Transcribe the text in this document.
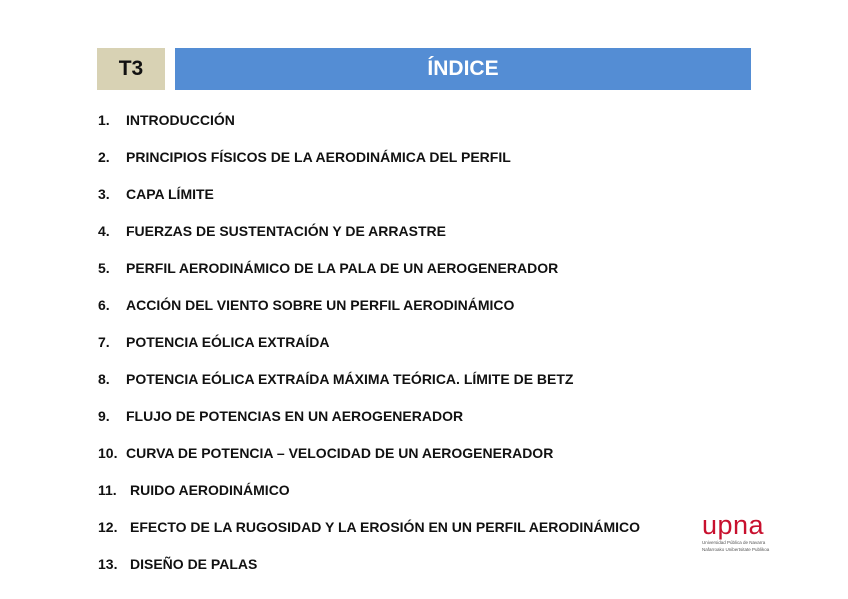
T3	ÍNDICE
1.	INTRODUCCIÓN
2.	PRINCIPIOS FÍSICOS DE LA AERODINÁMICA DEL PERFIL
3.	CAPA LÍMITE
4.	FUERZAS DE SUSTENTACIÓN Y DE ARRASTRE
5.	PERFIL AERODINÁMICO DE LA PALA DE UN AEROGENERADOR
6.	ACCIÓN DEL VIENTO SOBRE UN PERFIL AERODINÁMICO
7.	POTENCIA EÓLICA EXTRAÍDA
8.	POTENCIA EÓLICA EXTRAÍDA MÁXIMA TEÓRICA. LÍMITE DE BETZ
9.	FLUJO DE POTENCIAS EN UN AEROGENERADOR
10. CURVA DE POTENCIA – VELOCIDAD DE UN AEROGENERADOR
11. RUIDO AERODINÁMICO
12. EFECTO DE LA RUGOSIDAD Y LA EROSIÓN EN UN PERFIL AERODINÁMICO
13. DISEÑO DE PALAS
upna
Universidad Pública de Navarra
Nafarroako Unibertsitate Publikoa
